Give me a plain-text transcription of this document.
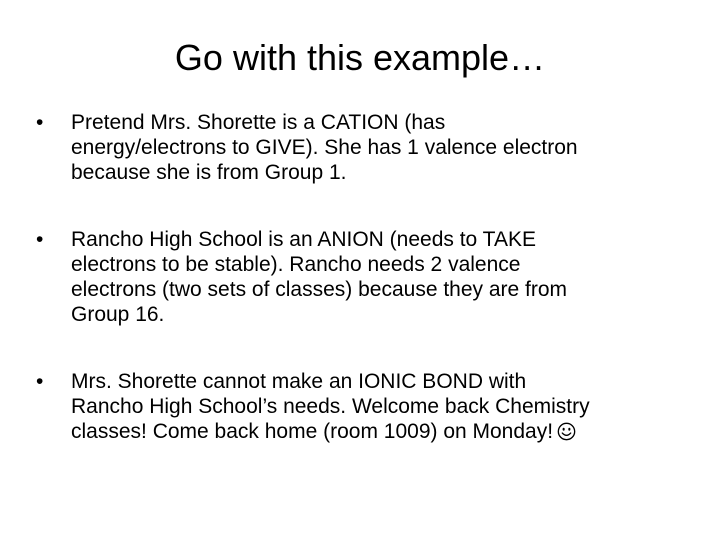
Go with this example…
•	Pretend Mrs. Shorette is a CATION (has
energy/electrons to GIVE). She has 1 valence electron
because she is from Group 1.
•	Rancho High School is an ANION (needs to TAKE
electrons to be stable). Rancho needs 2 valence
electrons (two sets of classes) because they are from
Group 16.
•	Mrs. Shorette cannot make an IONIC BOND with
Rancho High School’s needs. Welcome back Chemistry
classes! Come back home (room 1009) on Monday!
